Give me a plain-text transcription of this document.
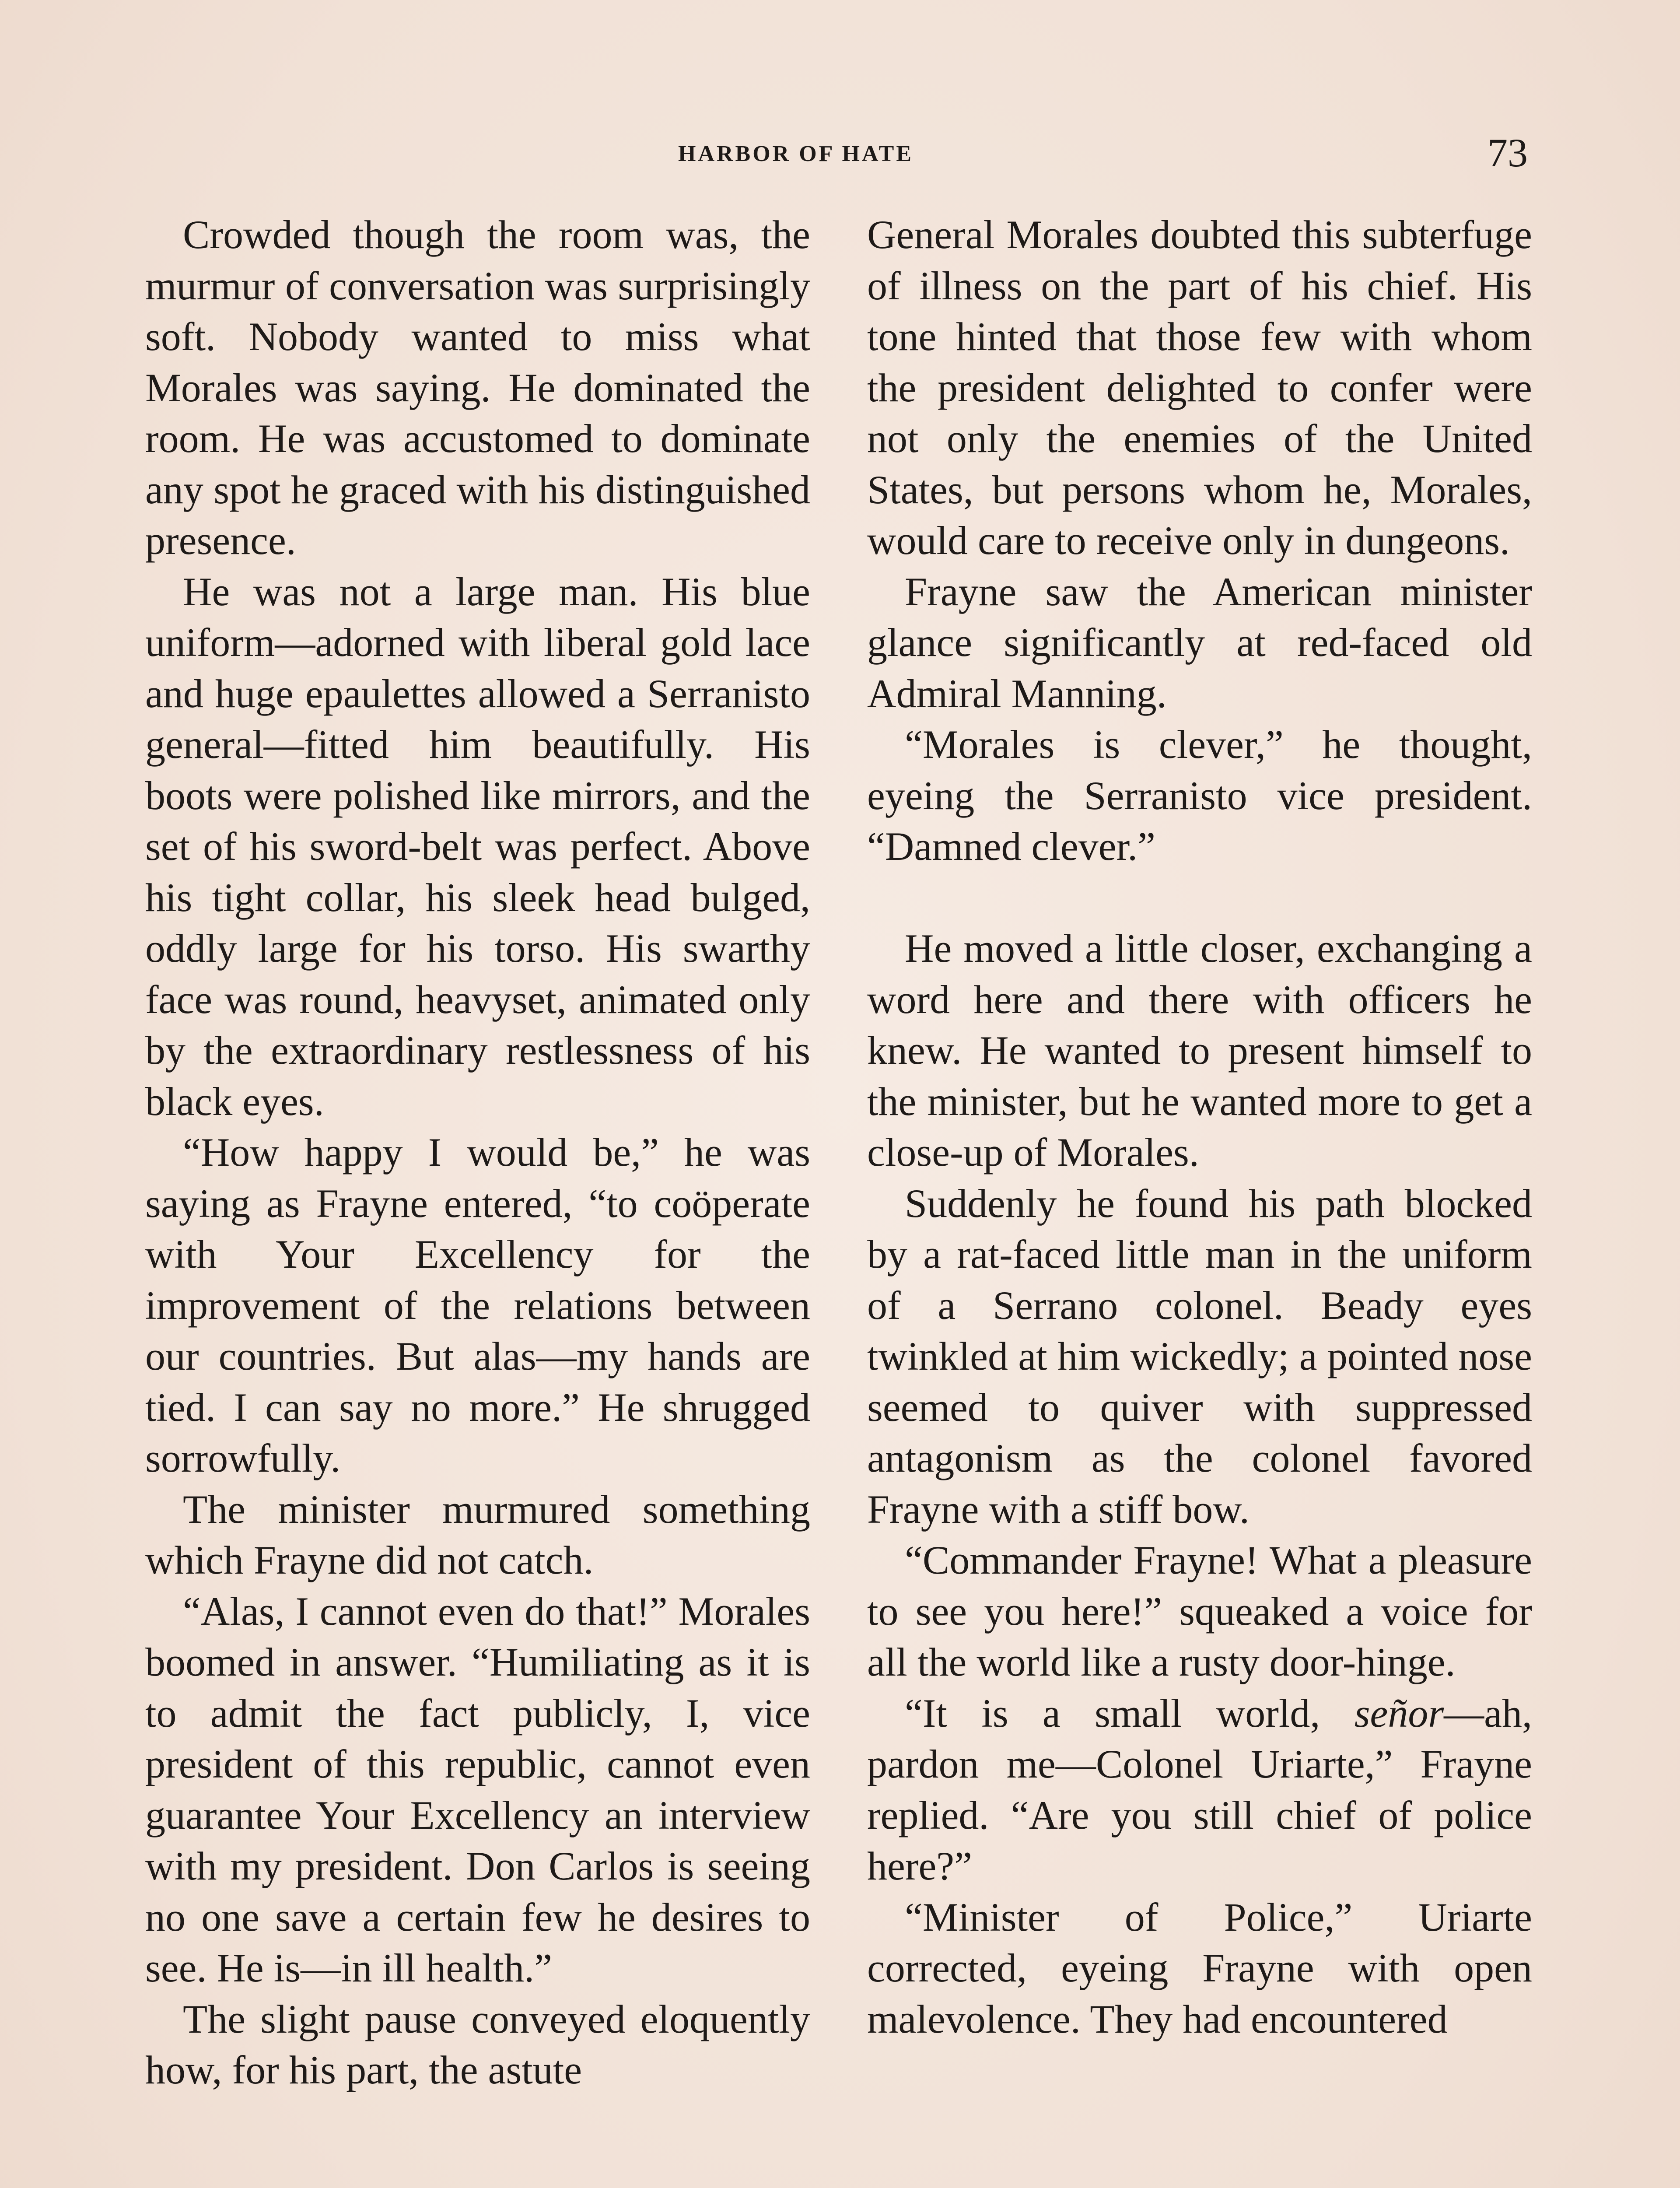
HARBOR OF HATE	73

Crowded though the room was, the murmur of conversation was surprisingly soft. Nobody wanted to miss what Morales was saying. He dominated the room. He was accustomed to dominate any spot he graced with his distinguished presence.

He was not a large man. His blue uniform—adorned with liberal gold lace and huge epaulettes allowed a Serranisto general—fitted him beautifully. His boots were polished like mirrors, and the set of his sword-belt was perfect. Above his tight collar, his sleek head bulged, oddly large for his torso. His swarthy face was round, heavyset, animated only by the extraordinary restlessness of his black eyes.

“How happy I would be,” he was saying as Frayne entered, “to coöperate with Your Excellency for the improvement of the relations between our countries. But alas—my hands are tied. I can say no more.” He shrugged sorrowfully.

The minister murmured something which Frayne did not catch.

“Alas, I cannot even do that!” Morales boomed in answer. “Humiliating as it is to admit the fact publicly, I, vice president of this republic, cannot even guarantee Your Excellency an interview with my president. Don Carlos is seeing no one save a certain few he desires to see. He is—in ill health.”

The slight pause conveyed eloquently how, for his part, the astute

General Morales doubted this subterfuge of illness on the part of his chief. His tone hinted that those few with whom the president delighted to confer were not only the enemies of the United States, but persons whom he, Morales, would care to receive only in dungeons.

Frayne saw the American minister glance significantly at red-faced old Admiral Manning.

“Morales is clever,” he thought, eyeing the Serranisto vice president. “Damned clever.”

He moved a little closer, exchanging a word here and there with officers he knew. He wanted to present himself to the minister, but he wanted more to get a close-up of Morales.

Suddenly he found his path blocked by a rat-faced little man in the uniform of a Serrano colonel. Beady eyes twinkled at him wickedly; a pointed nose seemed to quiver with suppressed antagonism as the colonel favored Frayne with a stiff bow.

“Commander Frayne! What a pleasure to see you here!” squeaked a voice for all the world like a rusty door-hinge.

“It is a small world, señor—ah, pardon me—Colonel Uriarte,” Frayne replied. “Are you still chief of police here?”

“Minister of Police,” Uriarte corrected, eyeing Frayne with open malevolence. They had encountered
